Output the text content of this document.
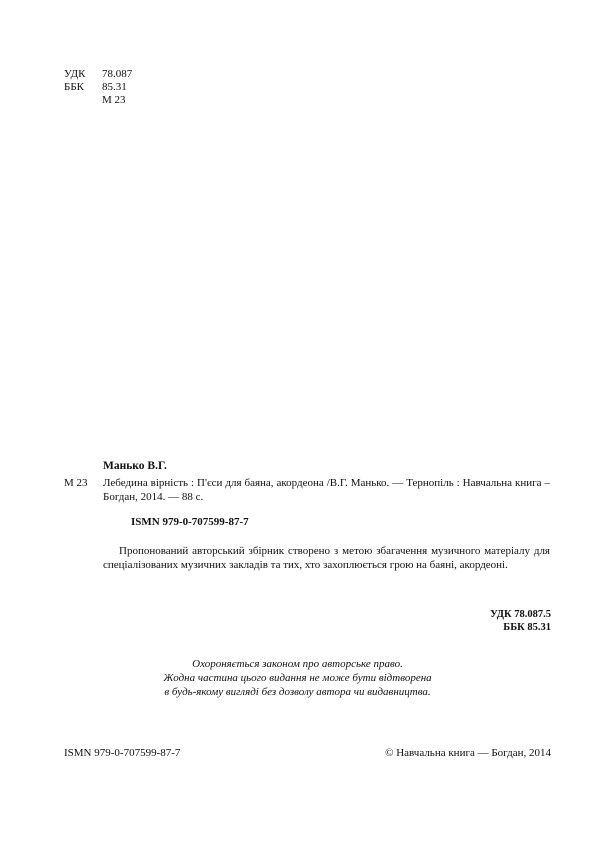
УДК 78.087
ББК 85.31
М 23
Манько В.Г.
М 23 Лебедина вірність : П'єси для баяна, акордеона /В.Г. Манько. — Тернопіль : Навчальна книга – Богдан, 2014. — 88 с.
ISMN 979-0-707599-87-7
Пропонований авторський збірник створено з метою збагачення музичного матеріалу для спеціалізованих музичних закладів та тих, хто захоплюється грою на баяні, акордеоні.
УДК 78.087.5
ББК 85.31
Охороняється законом про авторське право.
Жодна частина цього видання не може бути відтворена
в будь-якому вигляді без дозволу автора чи видавництва.
ISMN 979-0-707599-87-7	© Навчальна книга — Богдан, 2014
